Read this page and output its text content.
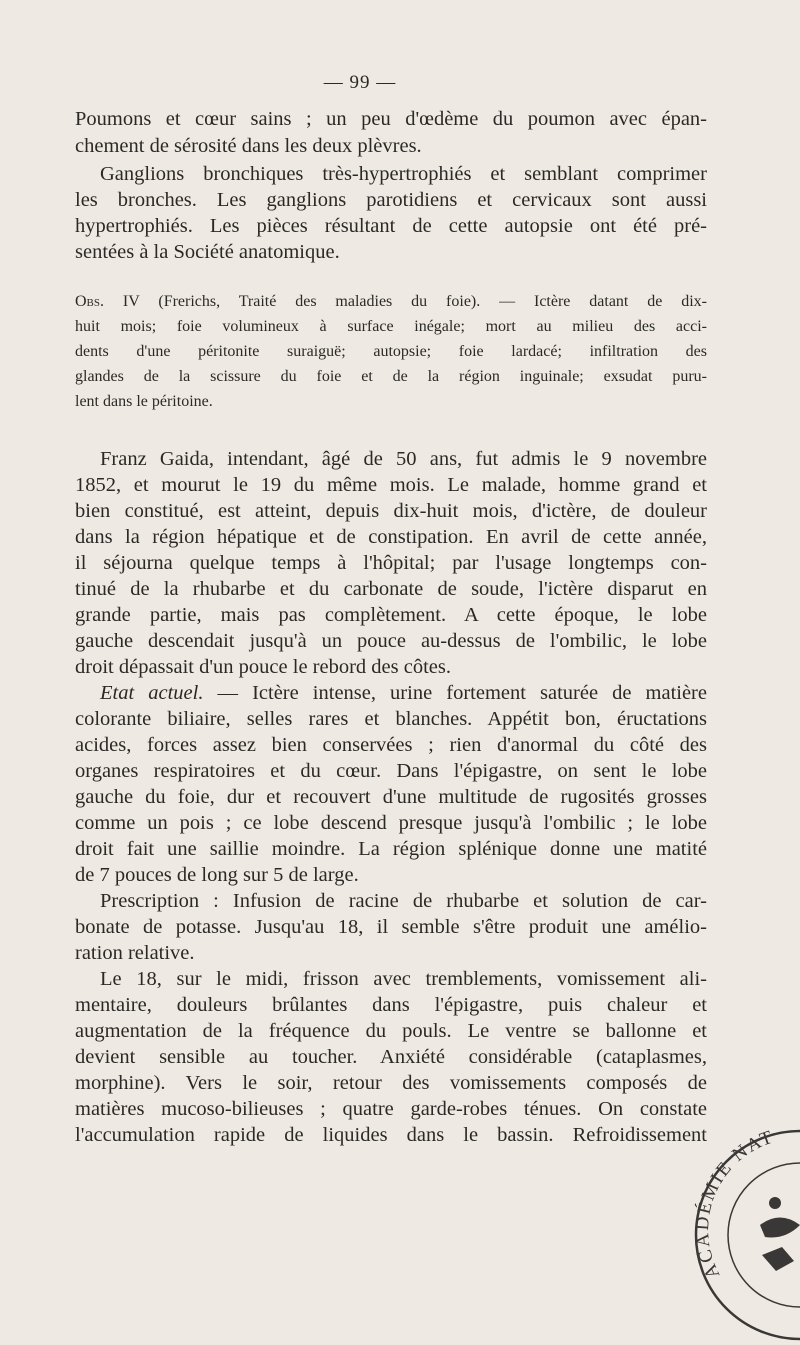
— 99 —
Poumons et cœur sains ; un peu d'œdème du poumon avec épan-
chement de sérosité dans les deux plèvres.
Ganglions bronchiques très-hypertrophiés et semblant comprimer
les bronches. Les ganglions parotidiens et cervicaux sont aussi
hypertrophiés. Les pièces résultant de cette autopsie ont été pré-
sentées à la Société anatomique.
Obs. IV (Frerichs, Traité des maladies du foie). — Ictère datant de dix-
huit mois; foie volumineux à surface inégale; mort au milieu des acci-
dents d'une péritonite suraiguë; autopsie; foie lardacé; infiltration des
glandes de la scissure du foie et de la région inguinale; exsudat puru-
lent dans le péritoine.
Franz Gaida, intendant, âgé de 50 ans, fut admis le 9 novembre
1852, et mourut le 19 du même mois. Le malade, homme grand et
bien constitué, est atteint, depuis dix-huit mois, d'ictère, de douleur
dans la région hépatique et de constipation. En avril de cette année,
il séjourna quelque temps à l'hôpital; par l'usage longtemps con-
tinué de la rhubarbe et du carbonate de soude, l'ictère disparut en
grande partie, mais pas complètement. A cette époque, le lobe
gauche descendait jusqu'à un pouce au-dessus de l'ombilic, le lobe
droit dépassait d'un pouce le rebord des côtes.
Etat actuel. — Ictère intense, urine fortement saturée de matière
colorante biliaire, selles rares et blanches. Appétit bon, éructations
acides, forces assez bien conservées ; rien d'anormal du côté des
organes respiratoires et du cœur. Dans l'épigastre, on sent le lobe
gauche du foie, dur et recouvert d'une multitude de rugosités grosses
comme un pois ; ce lobe descend presque jusqu'à l'ombilic ; le lobe
droit fait une saillie moindre. La région splénique donne une matité
de 7 pouces de long sur 5 de large.
Prescription : Infusion de racine de rhubarbe et solution de car-
bonate de potasse. Jusqu'au 18, il semble s'être produit une amélio-
ration relative.
Le 18, sur le midi, frisson avec tremblements, vomissement ali-
mentaire, douleurs brûlantes dans l'épigastre, puis chaleur et
augmentation de la fréquence du pouls. Le ventre se ballonne et
devient sensible au toucher. Anxiété considérable (cataplasmes,
morphine). Vers le soir, retour des vomissements composés de
matières mucoso-bilieuses ; quatre garde-robes ténues. On constate
l'accumulation rapide de liquides dans le bassin. Refroidissement
ACADÉMIE NAT
